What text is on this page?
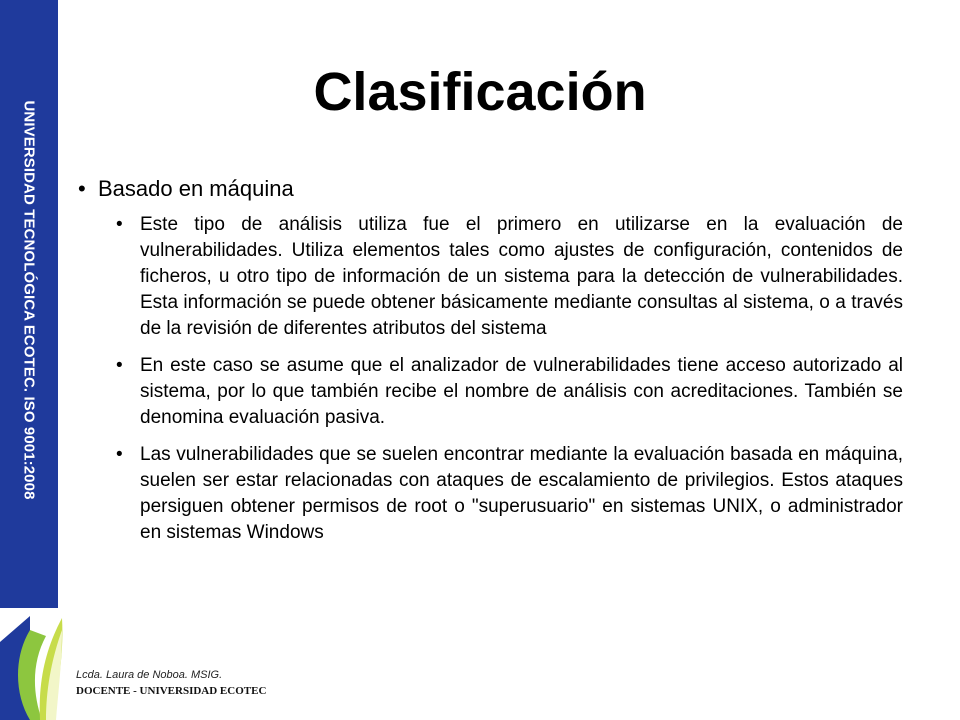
UNIVERSIDAD TECNOLÓGICA ECOTEC. ISO 9001:2008
Clasificación
• Basado en máquina
• Este tipo de análisis utiliza fue el primero en utilizarse en la evaluación de vulnerabilidades. Utiliza elementos tales como ajustes de configuración, contenidos de ficheros, u otro tipo de información de un sistema para la detección de vulnerabilidades. Esta información se puede obtener básicamente mediante consultas al sistema, o a través de la revisión de diferentes atributos del sistema
• En este caso se asume que el analizador de vulnerabilidades tiene acceso autorizado al sistema, por lo que también recibe el nombre de análisis con acreditaciones. También se denomina evaluación pasiva.
• Las vulnerabilidades que se suelen encontrar mediante la evaluación basada en máquina, suelen ser estar relacionadas con ataques de escalamiento de privilegios. Estos ataques persiguen obtener permisos de root o "superusuario" en sistemas UNIX, o administrador en sistemas Windows
Lcda. Laura de Noboa. MSIG.
DOCENTE - UNIVERSIDAD ECOTEC
